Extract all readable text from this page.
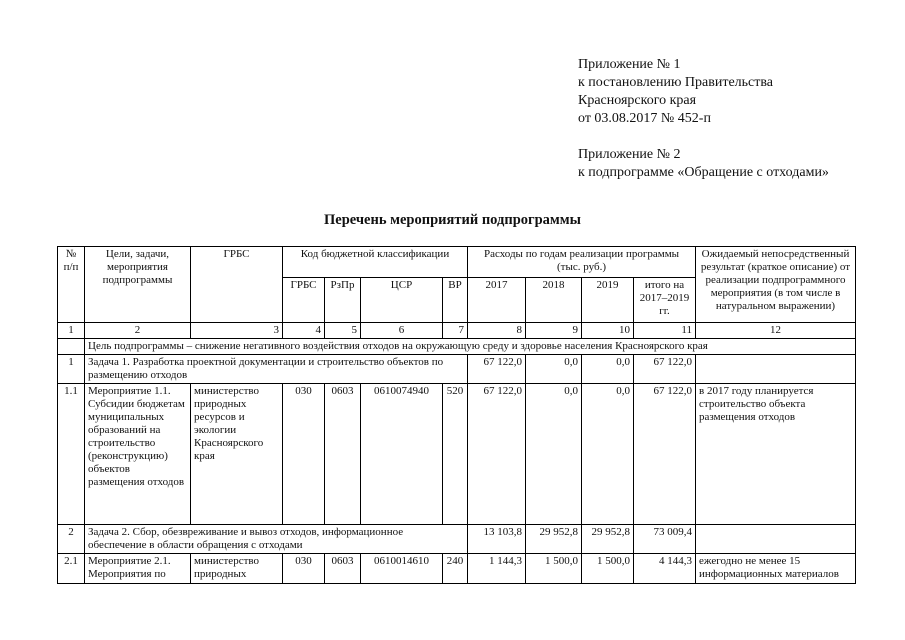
Приложение № 1
к постановлению Правительства
Красноярского края
от 03.08.2017 № 452-п
Приложение № 2
к подпрограмме «Обращение с отходами»
Перечень мероприятий подпрограммы
№ п/п	Цели, задачи, мероприятия подпрограммы	ГРБС	Код бюджетной классификации				Расходы по годам реализации программы (тыс. руб.)				Ожидаемый непосредственный результат (краткое описание) от реализации подпрограммного мероприятия (в том числе в натуральном выражении)
			ГРБС	РзПр	ЦСР	ВР	2017	2018	2019	итого на 2017–2019 гг.	
1	2	3	4	5	6	7	8	9	10	11	12
	Цель подпрограммы – снижение негативного воздействия отходов на окружающую среду и здоровье населения Красноярского края										
1	Задача 1. Разработка проектной документации и строительство объектов по размещению отходов						67 122,0	0,0	0,0	67 122,0	
1.1	Мероприятие 1.1. Субсидии бюджетам муниципальных образований на строительство (реконструкцию) объектов размещения отходов	министерство природных ресурсов и экологии Красноярского края	030	0603	0610074940	520	67 122,0	0,0	0,0	67 122,0	в 2017 году планируется строительство объекта размещения отходов
2	Задача 2. Сбор, обезвреживание и вывоз отходов, информационное обеспечение в области обращения с отходами						13 103,8	29 952,8	29 952,8	73 009,4	
2.1	Мероприятие 2.1. Мероприятия по	министерство природных	030	0603	0610014610	240	1 144,3	1 500,0	1 500,0	4 144,3	ежегодно не менее 15 информационных материалов
